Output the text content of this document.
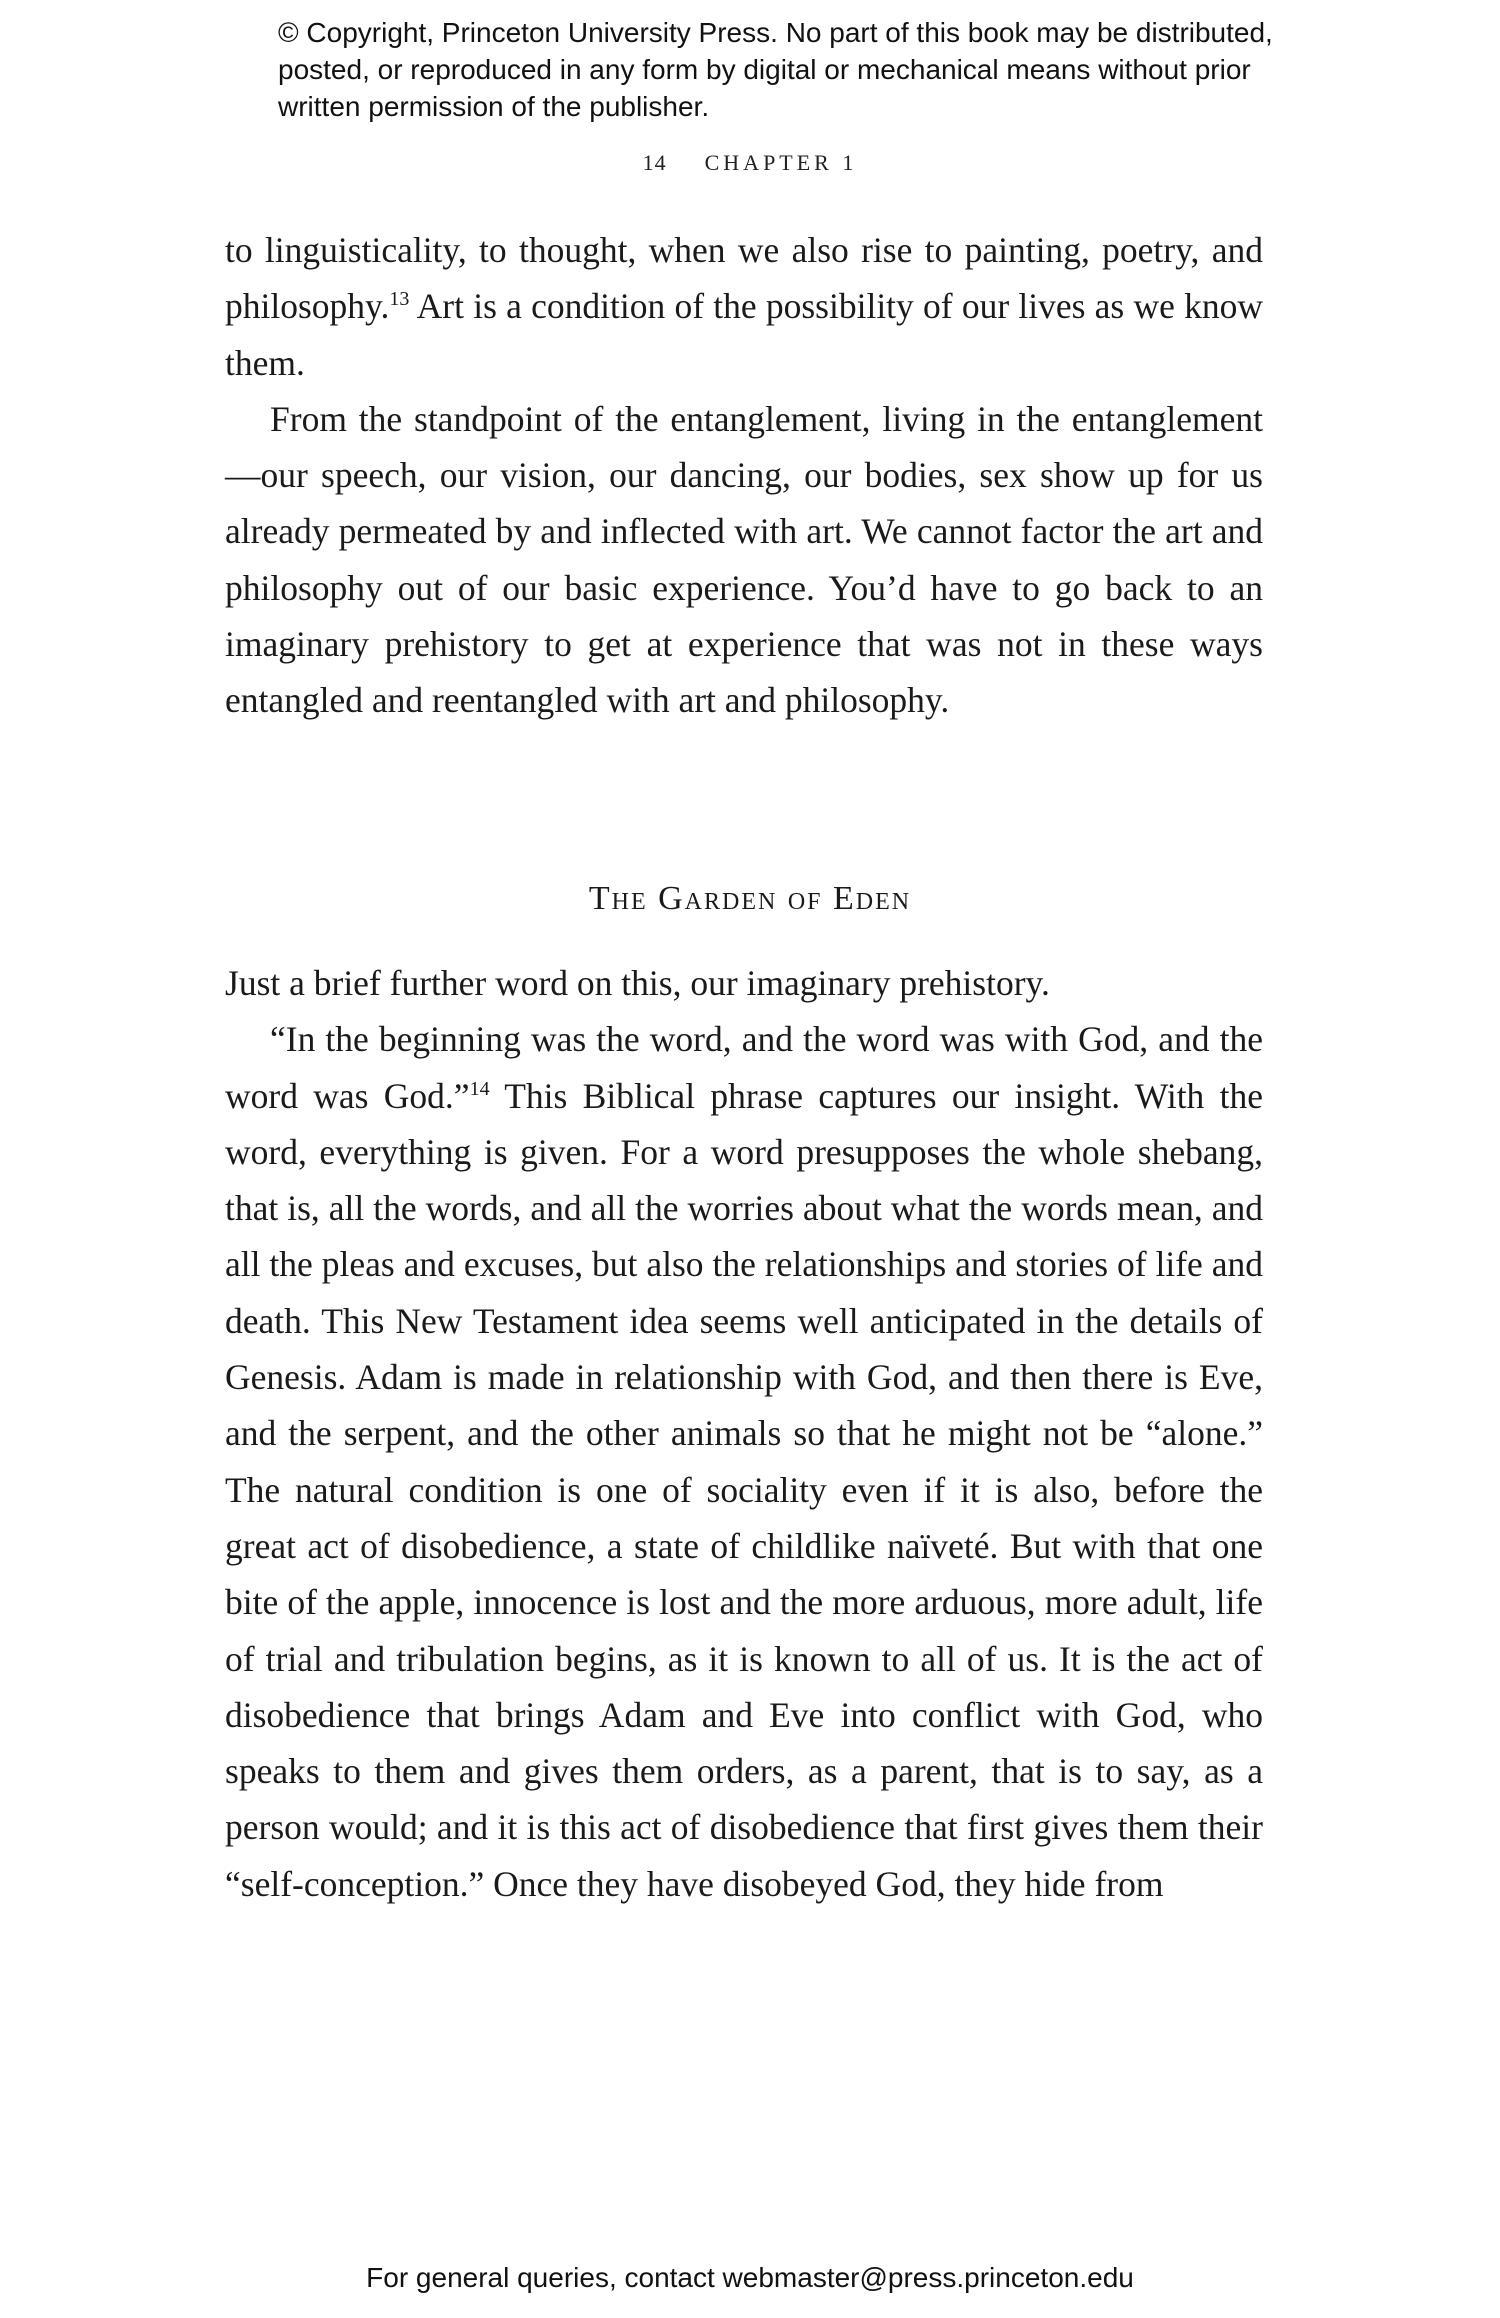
© Copyright, Princeton University Press. No part of this book may be distributed, posted, or reproduced in any form by digital or mechanical means without prior written permission of the publisher.
14 CHAPTER 1

to linguisticality, to thought, when we also rise to painting, poetry, and philosophy.$^{13}$ Art is a condition of the possibility of our lives as we know them.

From the standpoint of the entanglement, living in the entanglement—our speech, our vision, our dancing, our bodies, sex show up for us already permeated by and inflected with art. We cannot factor the art and philosophy out of our basic experience. You’d have to go back to an imaginary prehistory to get at experience that was not in these ways entangled and reentangled with art and philosophy.

The Garden of Eden

Just a brief further word on this, our imaginary prehistory.

“In the beginning was the word, and the word was with God, and the word was God.”$^{14}$ This Biblical phrase captures our insight. With the word, everything is given. For a word presupposes the whole shebang, that is, all the words, and all the worries about what the words mean, and all the pleas and excuses, but also the relationships and stories of life and death. This New Testament idea seems well anticipated in the details of Genesis. Adam is made in relationship with God, and then there is Eve, and the serpent, and the other animals so that he might not be “alone.” The natural condition is one of sociality even if it is also, before the great act of disobedience, a state of childlike naïveté. But with that one bite of the apple, innocence is lost and the more arduous, more adult, life of trial and tribulation begins, as it is known to all of us. It is the act of disobedience that brings Adam and Eve into conflict with God, who speaks to them and gives them orders, as a parent, that is to say, as a person would; and it is this act of disobedience that first gives them their “self-conception.” Once they have disobeyed God, they hide from

For general queries, contact webmaster@press.princeton.edu
